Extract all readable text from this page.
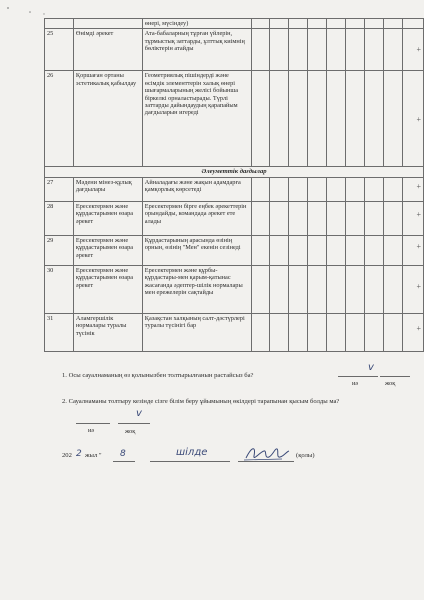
		өнері, мүсіндеу)									

25	Өнімді әрекет	Ата-бабаларның тұрған үйлерін, тұрмыстық заттарды, ұлттық киімнің бөліктерін атайды									+

26	Қоршаған ортаны эстетикалық қабылдау	Геометриялық пішіндерді және өсімдік элементтерін халық өнері шығармаларының желісі бойынша біркелкі орналастырады. Түрлі заттарды дайындаудың қарапайым дағдыларын игереді									+

Әлеуметтік дағдылар											
27	Мәдени мінез-құлық дағдылары	Айналадағы және жақын адамдарға қамқорлық көрсетеді									+

28	Ересектермен және құрдастарымен өзара әрекет	Ересектермен бірге еңбек әрекеттерін орындайды, командада әрекет ете алады									+

29	Ересектермен және құрдастарымен өзара әрекет	Құрдастарының арасында өзінің орнын, өзінің "Мен" екенін сезінеді									+

30	Ересектермен және құрдастарымен өзара әрекет	Ересектермен және құрбы-құрдастары-мен қарым-қатынас жасағанда әдептер-шілік нормалары мен ережелерін сақтайды									+

31	Аламгершілік нормалары туралы түсінік	Қазақстан халқының салт-дәстүрлері туралы түсінігі бар									+
1. Осы сауалнаманың өз қолынызбен толтырылғанын растайсыз ба?
v
иә	жоқ
2. Сауалнаманы толтыру кезінде сізге білім беру ұйымының өкілдері тарапынан қысым болды ма?
v
иә	жоқ
202 2 жыл " 8	шілде	(қолы)
